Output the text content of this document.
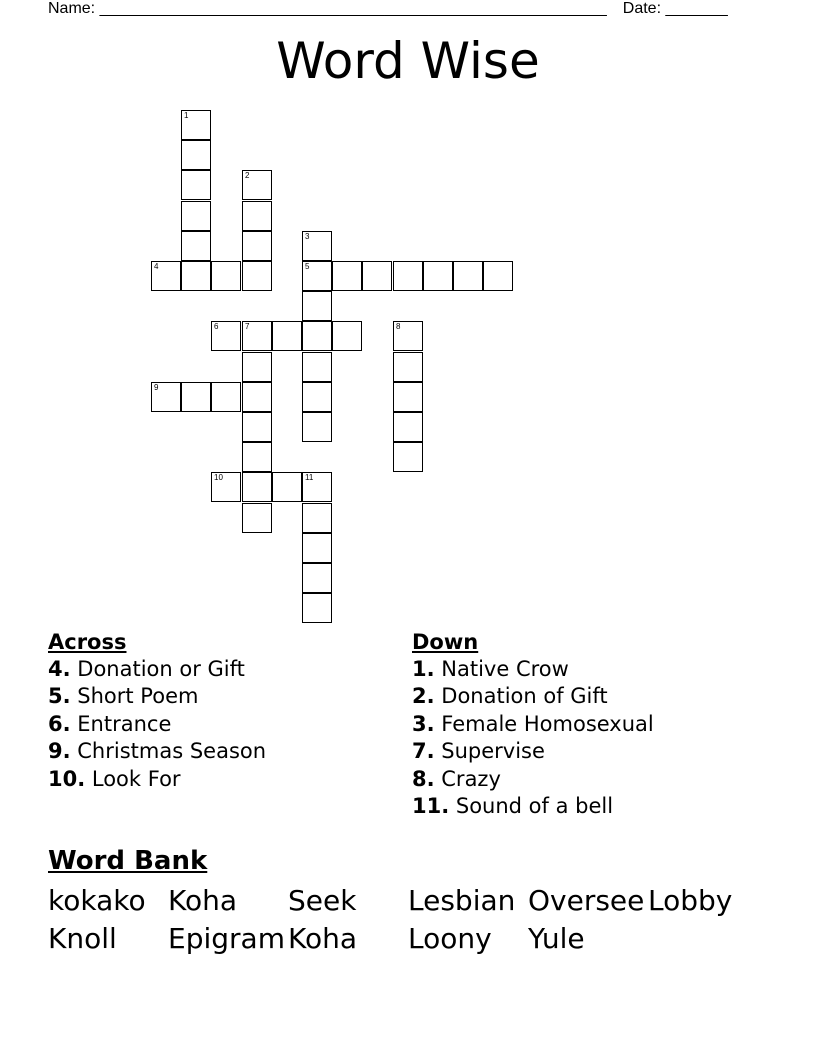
Name: _________________________________________________________ Date: _______
Word Wise
1
2
3
4	5
6	7	8
9
10	11
Across
4. Donation or Gift
5. Short Poem
6. Entrance
9. Christmas Season
10. Look For
Down
1. Native Crow
2. Donation of Gift
3. Female Homosexual
7. Supervise
8. Crazy
11. Sound of a bell
Word Bank
kokako Koha Seek Lesbian Oversee Lobby
Knoll Epigram Koha Loony Yule
